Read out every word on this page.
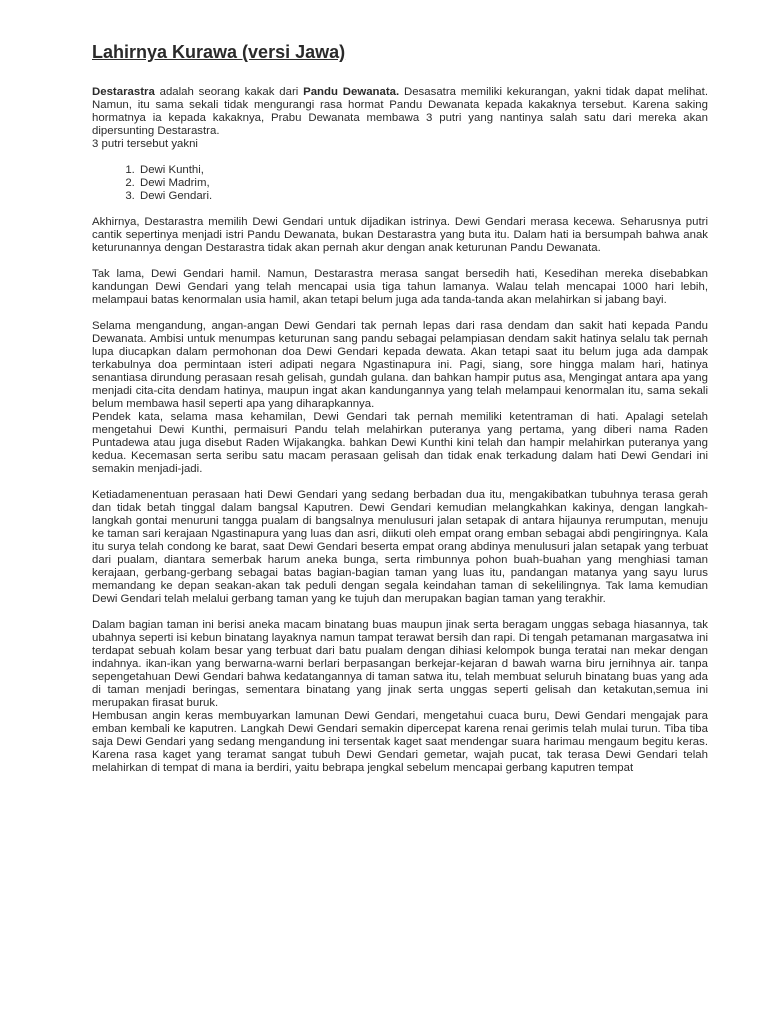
Lahirnya Kurawa (versi Jawa)

Destarastra adalah seorang kakak dari Pandu Dewanata. Desasatra memiliki kekurangan, yakni tidak dapat melihat. Namun, itu sama sekali tidak mengurangi rasa hormat Pandu Dewanata kepada kakaknya tersebut. Karena saking hormatnya ia kepada kakaknya, Prabu Dewanata membawa 3 putri yang nantinya salah satu dari mereka akan dipersunting Destarastra.

3 putri tersebut yakni

1. Dewi Kunthi,
2. Dewi Madrim,
3. Dewi Gendari.

Akhirnya, Destarastra memilih Dewi Gendari untuk dijadikan istrinya. Dewi Gendari merasa kecewa. Seharusnya putri cantik sepertinya menjadi istri Pandu Dewanata, bukan Destarastra yang buta itu. Dalam hati ia bersumpah bahwa anak keturunannya dengan Destarastra tidak akan pernah akur dengan anak keturunan Pandu Dewanata.

Tak lama, Dewi Gendari hamil. Namun, Destarastra merasa sangat bersedih hati, Kesedihan mereka disebabkan kandungan Dewi Gendari yang telah mencapai usia tiga tahun lamanya. Walau telah mencapai 1000 hari lebih, melampaui batas kenormalan usia hamil, akan tetapi belum juga ada tanda-tanda akan melahirkan si jabang bayi.

Selama mengandung, angan-angan Dewi Gendari tak pernah lepas dari rasa dendam dan sakit hati kepada Pandu Dewanata. Ambisi untuk menumpas keturunan sang pandu sebagai pelampiasan dendam sakit hatinya selalu tak pernah lupa diucapkan dalam permohonan doa Dewi Gendari kepada dewata. Akan tetapi saat itu belum juga ada dampak terkabulnya doa permintaan isteri adipati negara Ngastinapura ini. Pagi, siang, sore hingga malam hari, hatinya senantiasa dirundung perasaan resah gelisah, gundah gulana. dan bahkan hampir putus asa, Mengingat antara apa yang menjadi cita-cita dendam hatinya, maupun ingat akan kandungannya yang telah melampaui kenormalan itu, sama sekali belum membawa hasil seperti apa yang diharapkannya.

Pendek kata, selama masa kehamilan, Dewi Gendari tak pernah memiliki ketentraman di hati. Apalagi setelah mengetahui Dewi Kunthi, permaisuri Pandu telah melahirkan puteranya yang pertama, yang diberi nama Raden Puntadewa atau juga disebut Raden Wijakangka. bahkan Dewi Kunthi kini telah dan hampir melahirkan puteranya yang kedua. Kecemasan serta seribu satu macam perasaan gelisah dan tidak enak terkadung dalam hati Dewi Gendari ini semakin menjadi-jadi.

Ketiadamenentuan perasaan hati Dewi Gendari yang sedang berbadan dua itu, mengakibatkan tubuhnya terasa gerah dan tidak betah tinggal dalam bangsal Kaputren. Dewi Gendari kemudian melangkahkan kakinya, dengan langkah-langkah gontai menuruni tangga pualam di bangsalnya menulusuri jalan setapak di antara hijaunya rerumputan, menuju ke taman sari kerajaan Ngastinapura yang luas dan asri, diikuti oleh empat orang emban sebagai abdi pengiringnya. Kala itu surya telah condong ke barat, saat Dewi Gendari beserta empat orang abdinya menulusuri jalan setapak yang terbuat dari pualam, diantara semerbak harum aneka bunga, serta rimbunnya pohon buah-buahan yang menghiasi taman kerajaan, gerbang-gerbang sebagai batas bagian-bagian taman yang luas itu, pandangan matanya yang sayu lurus memandang ke depan seakan-akan tak peduli dengan segala keindahan taman di sekelilingnya. Tak lama kemudian Dewi Gendari telah melalui gerbang taman yang ke tujuh dan merupakan bagian taman yang terakhir.

Dalam bagian taman ini berisi aneka macam binatang buas maupun jinak serta beragam unggas sebaga hiasannya, tak ubahnya seperti isi kebun binatang layaknya namun tampat terawat bersih dan rapi. Di tengah petamanan margasatwa ini terdapat sebuah kolam besar yang terbuat dari batu pualam dengan dihiasi kelompok bunga teratai nan mekar dengan indahnya. ikan-ikan yang berwarna-warni berlari berpasangan berkejar-kejaran d bawah warna biru jernihnya air. tanpa sepengetahuan Dewi Gendari bahwa kedatangannya di taman satwa itu, telah membuat seluruh binatang buas yang ada di taman menjadi beringas, sementara binatang yang jinak serta unggas seperti gelisah dan ketakutan,semua ini merupakan firasat buruk.

Hembusan angin keras membuyarkan lamunan Dewi Gendari, mengetahui cuaca buru, Dewi Gendari mengajak para emban kembali ke kaputren. Langkah Dewi Gendari semakin dipercepat karena renai gerimis telah mulai turun. Tiba tiba saja Dewi Gendari yang sedang mengandung ini tersentak kaget saat mendengar suara harimau mengaum begitu keras. Karena rasa kaget yang teramat sangat tubuh Dewi Gendari gemetar, wajah pucat, tak terasa Dewi Gendari telah melahirkan di tempat di mana ia berdiri, yaitu bebrapa jengkal sebelum mencapai gerbang kaputren tempat
